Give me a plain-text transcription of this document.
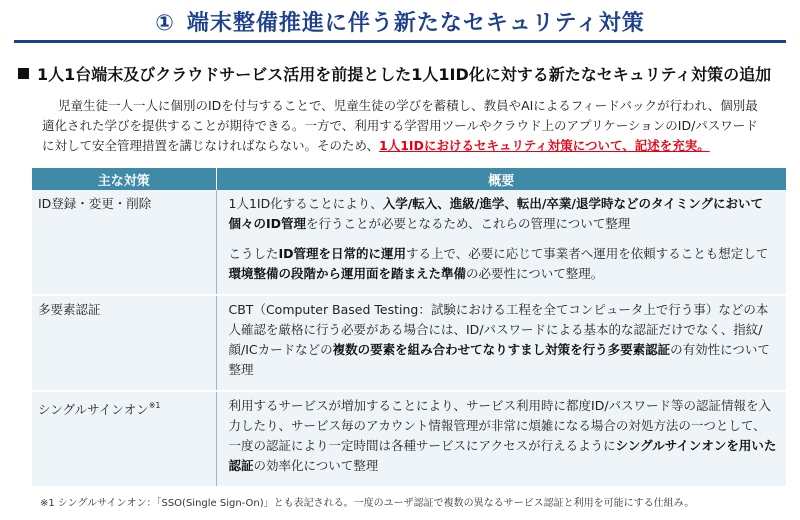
① 端末整備推進に伴う新たなセキュリティ対策
1人1台端末及びクラウドサービス活用を前提とした1人1ID化に対する新たなセキュリティ対策の追加
児童生徒一人一人に個別のIDを付与することで、児童生徒の学びを蓄積し、教員やAIによるフィードバックが行われ、個別最適化された学びを提供することが期待できる。一方で、利用する学習用ツールやクラウド上のアプリケーションのID/パスワードに対して安全管理措置を講じなければならない。そのため、1人1IDにおけるセキュリティ対策について、記述を充実。
主な対策	概要
ID登録・変更・削除	1人1ID化することにより、入学/転入、進級/進学、転出/卒業/退学時などのタイミングにおいて個々のID管理を行うことが必要となるため、これらの管理について整理

こうしたID管理を日常的に運用する上で、必要に応じて事業者へ運用を依頼することも想定して環境整備の段階から運用面を踏まえた準備の必要性について整理。

多要素認証	CBT（Computer Based Testing：試験における工程を全てコンピュータ上で行う事）などの本人確認を厳格に行う必要がある場合には、ID/パスワードによる基本的な認証だけでなく、指紋/顔/ICカードなどの複数の要素を組み合わせてなりすまし対策を行う多要素認証の有効性について整理

シングルサインオン$^{※1}$	利用するサービスが増加することにより、サービス利用時に都度ID/パスワード等の認証情報を入力したり、サービス毎のアカウント情報管理が非常に煩雑になる場合の対処方法の一つとして、一度の認証により一定時間は各種サービスにアクセスが行えるようにシングルサインオンを用いた認証の効率化について整理

※1 シングルサインオン：「SSO(Single Sign-On)」とも表記される。一度のユーザ認証で複数の異なるサービス認証と利用を可能にする仕組み。
